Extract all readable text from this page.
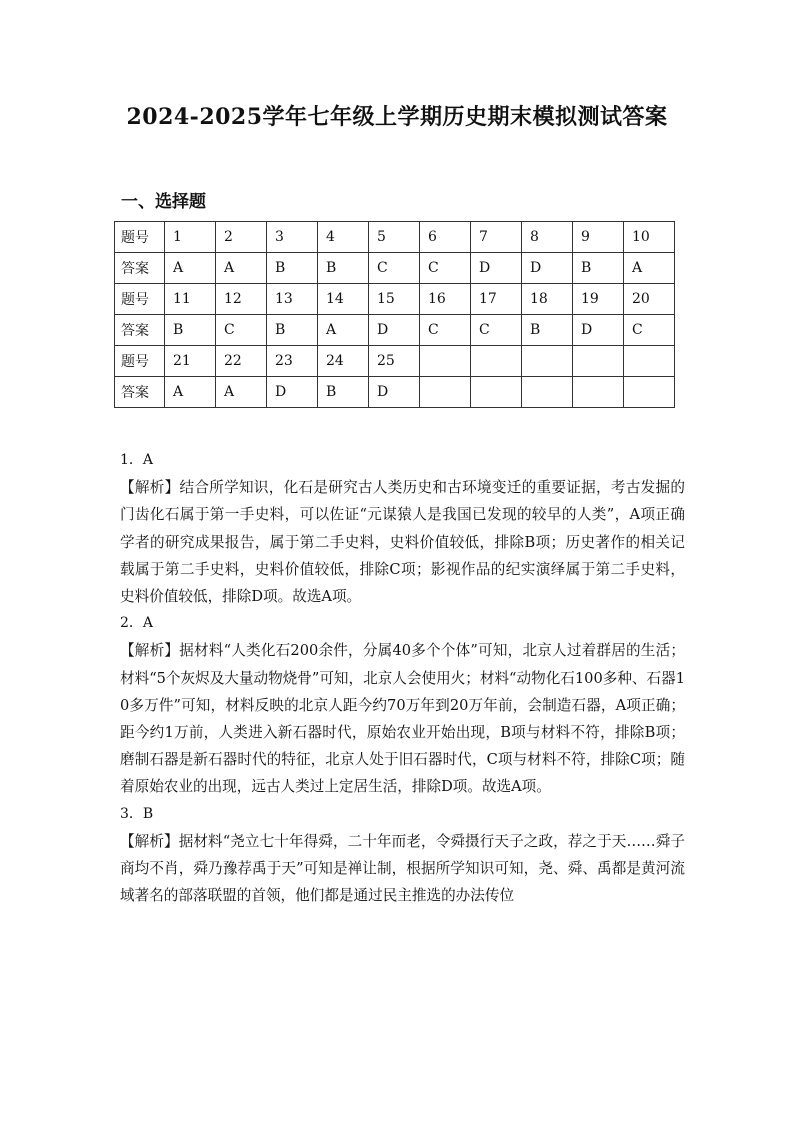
2024-2025学年七年级上学期历史期末模拟测试答案
一、选择题
题号	1	2	3	4	5	6	7	8	9	10
答案	A	A	B	B	C	C	D	D	B	A
题号	11	12	13	14	15	16	17	18	19	20
答案	B	C	B	A	D	C	C	B	D	C
题号	21	22	23	24	25					
答案	A	A	D	B	D					
1．A
【解析】结合所学知识，化石是研究古人类历史和古环境变迁的重要证据，考古发掘的门齿化石属于第一手史料，可以佐证“元谋猿人是我国已发现的较早的人类”，A项正确 学者的研究成果报告，属于第二手史料，史料价值较低，排除B项；历史著作的相关记载属于第二手史料，史料价值较低，排除C项；影视作品的纪实演绎属于第二手史料，史料价值较低，排除D项。故选A项。
2．A
【解析】据材料“人类化石200余件，分属40多个个体”可知，北京人过着群居的生活；材料“5个灰烬及大量动物烧骨”可知，北京人会使用火；材料“动物化石100多种、石器10多万件”可知，材料反映的北京人距今约70万年到20万年前，会制造石器，A项正确；距今约1万前，人类进入新石器时代，原始农业开始出现，B项与材料不符，排除B项；磨制石器是新石器时代的特征，北京人处于旧石器时代，C项与材料不符，排除C项；随着原始农业的出现，远古人类过上定居生活，排除D项。故选A项。
3．B
【解析】据材料“尧立七十年得舜，二十年而老，令舜摄行天子之政，荐之于天……舜子商均不肖，舜乃豫荐禹于天”可知是禅让制，根据所学知识可知，尧、舜、禹都是黄河流域著名的部落联盟的首领，他们都是通过民主推选的办法传位
